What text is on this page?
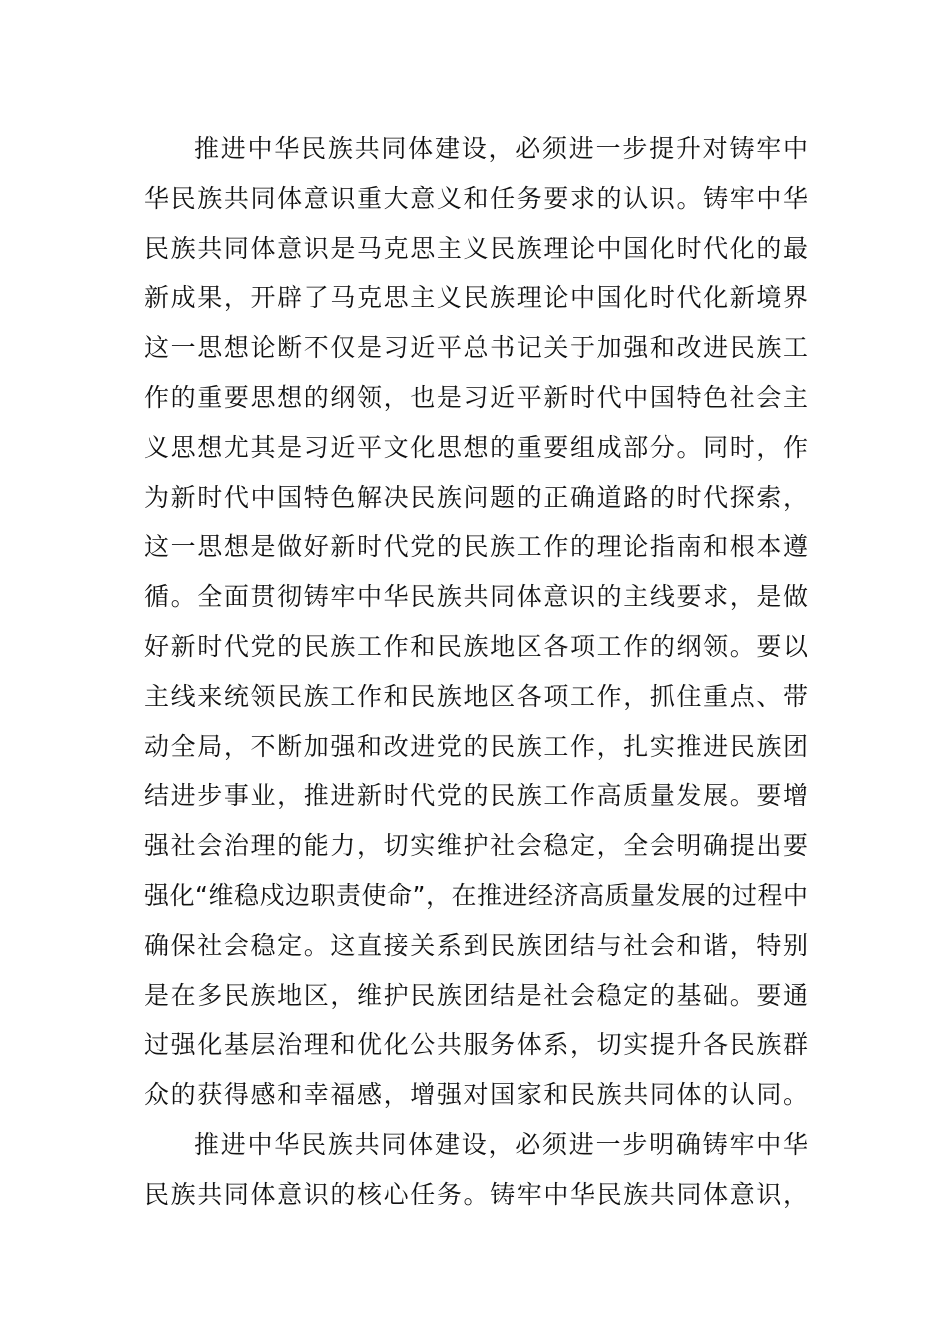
推进中华民族共同体建设，必须进一步提升对铸牢中
华民族共同体意识重大意义和任务要求的认识。铸牢中华
民族共同体意识是马克思主义民族理论中国化时代化的最
新成果，开辟了马克思主义民族理论中国化时代化新境界
这一思想论断不仅是习近平总书记关于加强和改进民族工
作的重要思想的纲领，也是习近平新时代中国特色社会主
义思想尤其是习近平文化思想的重要组成部分。同时，作
为新时代中国特色解决民族问题的正确道路的时代探索，
这一思想是做好新时代党的民族工作的理论指南和根本遵
循。全面贯彻铸牢中华民族共同体意识的主线要求，是做
好新时代党的民族工作和民族地区各项工作的纲领。要以
主线来统领民族工作和民族地区各项工作，抓住重点、带
动全局，不断加强和改进党的民族工作，扎实推进民族团
结进步事业，推进新时代党的民族工作高质量发展。要增
强社会治理的能力，切实维护社会稳定，全会明确提出要
强化“维稳戍边职责使命”，在推进经济高质量发展的过程中
确保社会稳定。这直接关系到民族团结与社会和谐，特别
是在多民族地区，维护民族团结是社会稳定的基础。要通
过强化基层治理和优化公共服务体系，切实提升各民族群
众的获得感和幸福感，增强对国家和民族共同体的认同。
推进中华民族共同体建设，必须进一步明确铸牢中华
民族共同体意识的核心任务。铸牢中华民族共同体意识，
